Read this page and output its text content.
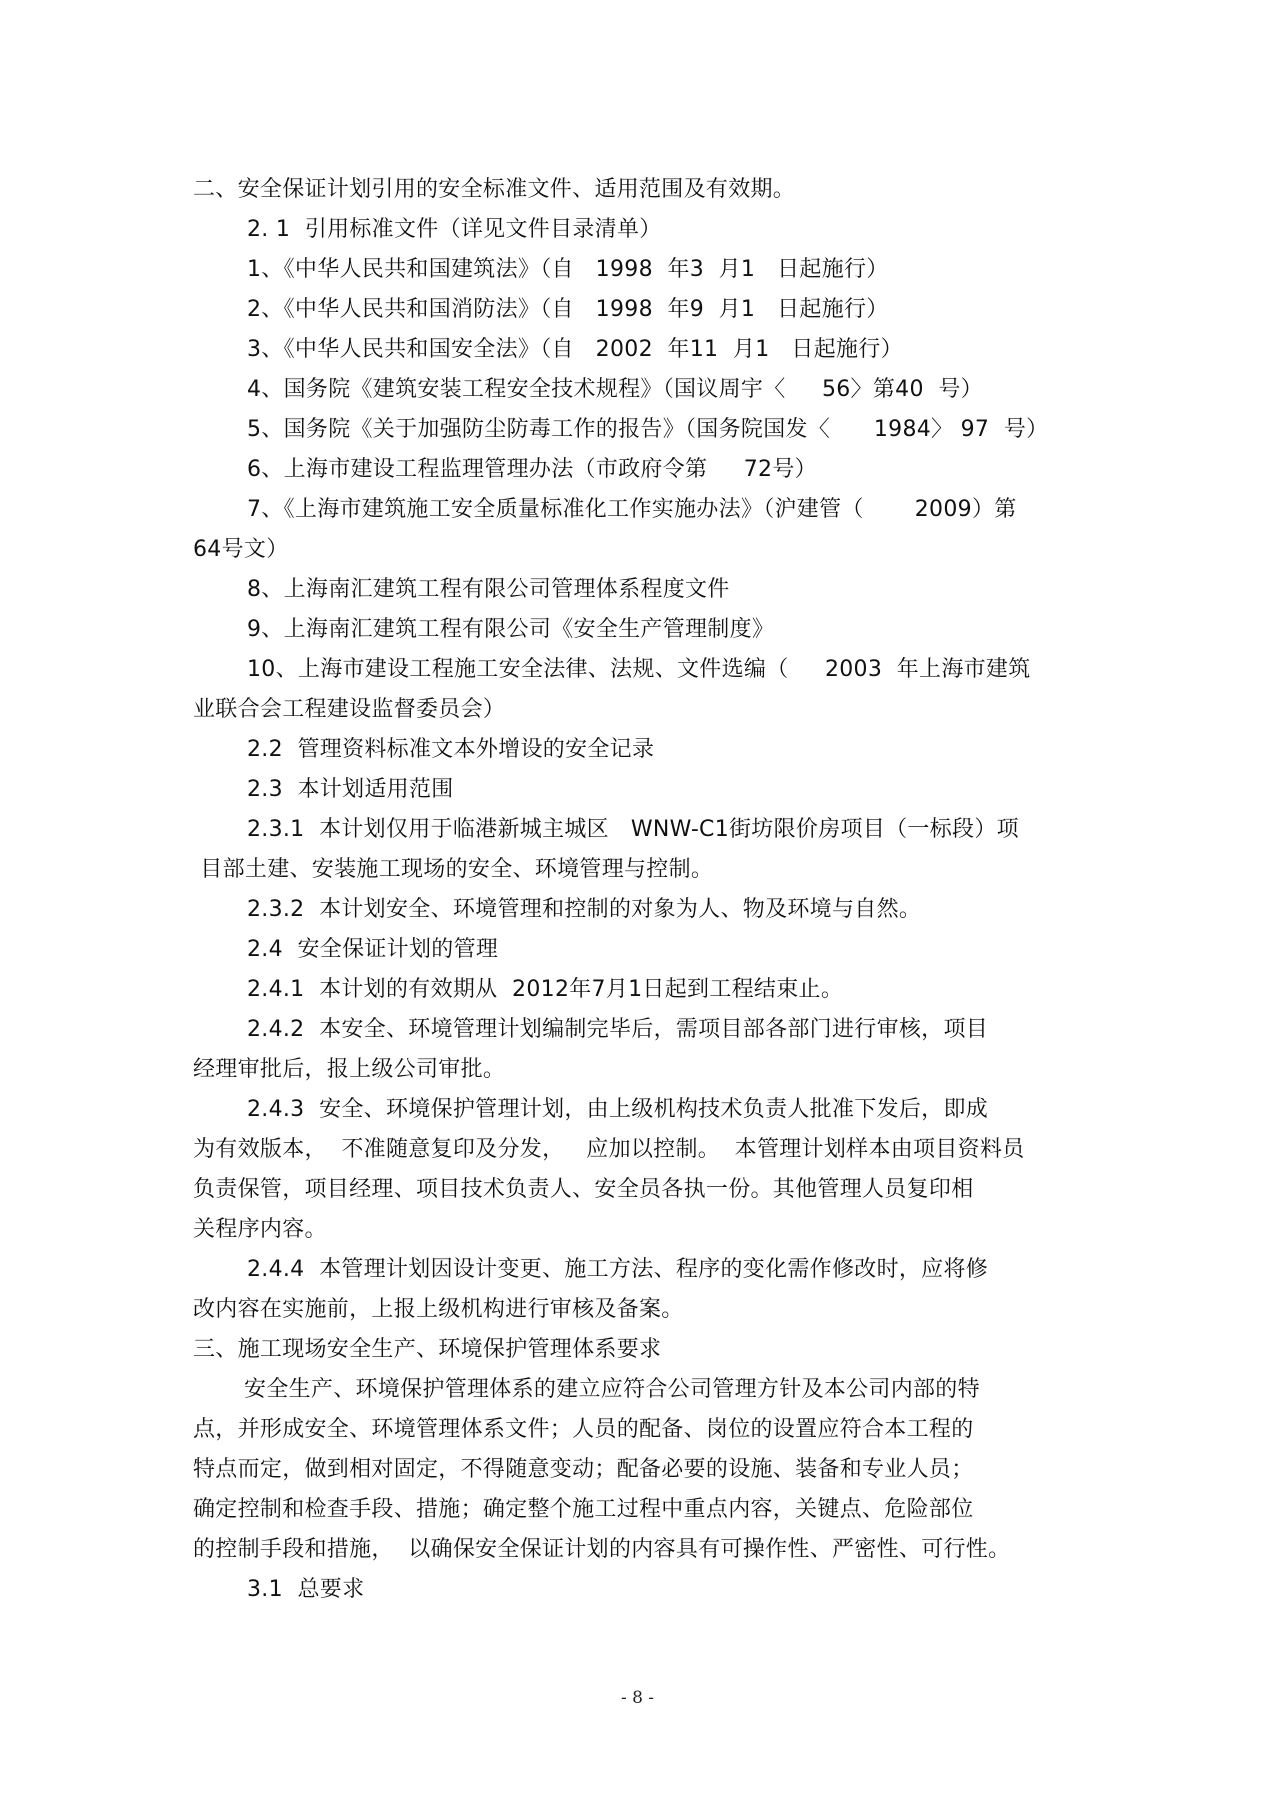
二、安全保证计划引用的安全标准文件、适用范围及有效期。
2. 1  引用标准文件（详见文件目录清单）
1、《中华人民共和国建筑法》（自   1998  年3  月1   日起施行）
2、《中华人民共和国消防法》（自   1998  年9  月1   日起施行）
3、《中华人民共和国安全法》（自   2002  年11  月1   日起施行）
4、国务院《建筑安装工程安全技术规程》（国议周宇〈     56〉第40  号）
5、国务院《关于加强防尘防毒工作的报告》（国务院国发〈      1984〉 97  号）
6、上海市建设工程监理管理办法（市政府令第     72号）
7、《上海市建筑施工安全质量标准化工作实施办法》（沪建管（       2009）第
64号文）
8、上海南汇建筑工程有限公司管理体系程度文件
9、上海南汇建筑工程有限公司《安全生产管理制度》
10、上海市建设工程施工安全法律、法规、文件选编（     2003  年上海市建筑
业联合会工程建设监督委员会）
2.2  管理资料标准文本外增设的安全记录
2.3  本计划适用范围
2.3.1  本计划仅用于临港新城主城区   WNW-C1街坊限价房项目（一标段）项
目部土建、安装施工现场的安全、环境管理与控制。
2.3.2  本计划安全、环境管理和控制的对象为人、物及环境与自然。
2.4  安全保证计划的管理
2.4.1  本计划的有效期从  2012年7月1日起到工程结束止。
2.4.2  本安全、环境管理计划编制完毕后，需项目部各部门进行审核，项目
经理审批后，报上级公司审批。
2.4.3  安全、环境保护管理计划，由上级机构技术负责人批准下发后，即成
为有效版本，  不准随意复印及分发，   应加以控制。  本管理计划样本由项目资料员
负责保管，项目经理、项目技术负责人、安全员各执一份。其他管理人员复印相
关程序内容。
2.4.4  本管理计划因设计变更、施工方法、程序的变化需作修改时，应将修
改内容在实施前，上报上级机构进行审核及备案。
三、施工现场安全生产、环境保护管理体系要求
安全生产、环境保护管理体系的建立应符合公司管理方针及本公司内部的特
点，并形成安全、环境管理体系文件；人员的配备、岗位的设置应符合本工程的
特点而定，做到相对固定，不得随意变动；配备必要的设施、装备和专业人员；
确定控制和检查手段、措施；确定整个施工过程中重点内容，关键点、危险部位
的控制手段和措施，  以确保安全保证计划的内容具有可操作性、严密性、可行性。
3.1  总要求
- 8 -
